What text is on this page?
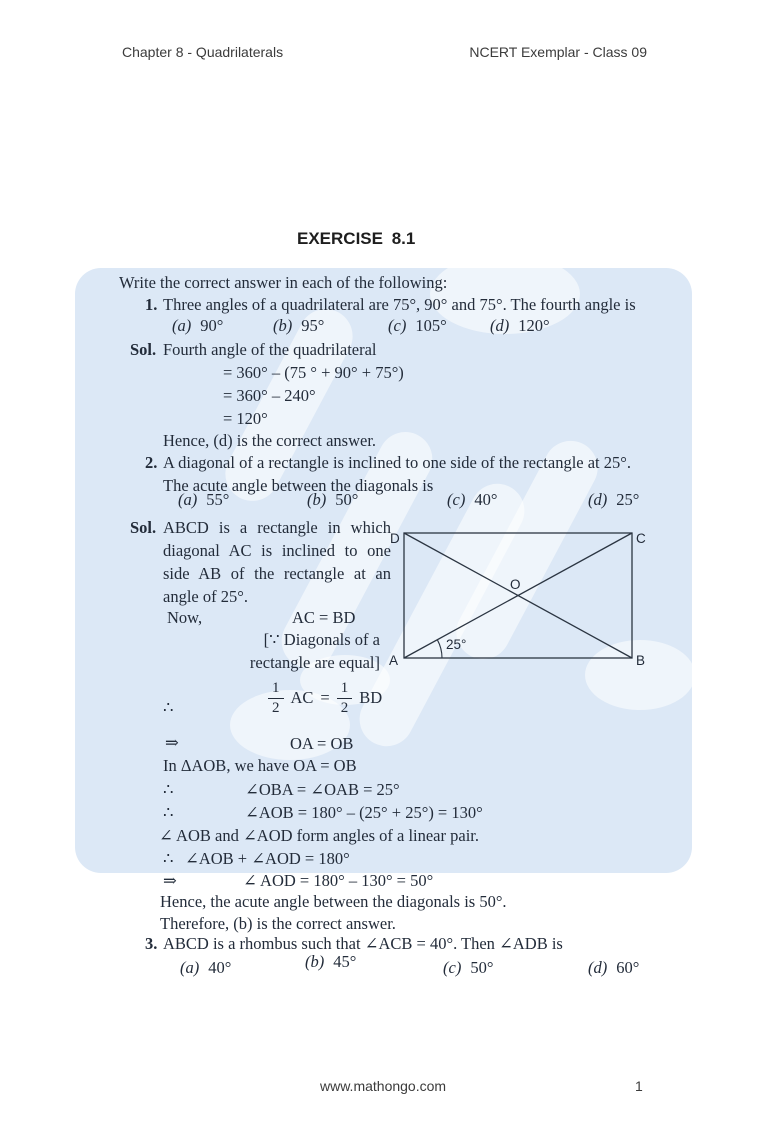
Chapter 8 - Quadrilaterals	NCERT Exemplar - Class 09
EXERCISE 8.1
Write the correct answer in each of the following:
1. Three angles of a quadrilateral are 75°, 90° and 75°. The fourth angle is
(a) 90°	(b) 95°	(c) 105°	(d) 120°
Sol. Fourth angle of the quadrilateral
= 360° – (75 ° + 90° + 75°)
= 360° – 240°
= 120°
Hence, (d) is the correct answer.
2. A diagonal of a rectangle is inclined to one side of the rectangle at 25°.
The acute angle between the diagonals is
(a) 55°	(b) 50°	(c) 40°	(d) 25°
Sol. ABCD is a rectangle in which
diagonal AC is inclined to one
side AB of the rectangle at an
angle of 25°.
Now,	AC = BD
[∵ Diagonals of a
rectangle are equal]
D	C
A	B
O
25°
∴	$\frac{1}{2}$ AC = $\frac{1}{2}$ BD
⇒	OA = OB
In ΔAOB, we have OA = OB
∴	∠OBA = ∠OAB = 25°
∴	∠AOB = 180° – (25° + 25°) = 130°
∠ AOB and ∠AOD form angles of a linear pair.
∴ ∠AOB + ∠AOD = 180°
⇒	∠ AOD = 180° – 130° = 50°
Hence, the acute angle between the diagonals is 50°.
Therefore, (b) is the correct answer.
3. ABCD is a rhombus such that ∠ACB = 40°. Then ∠ADB is
(a) 40°	(b) 45°	(c) 50°	(d) 60°
www.mathongo.com	1
